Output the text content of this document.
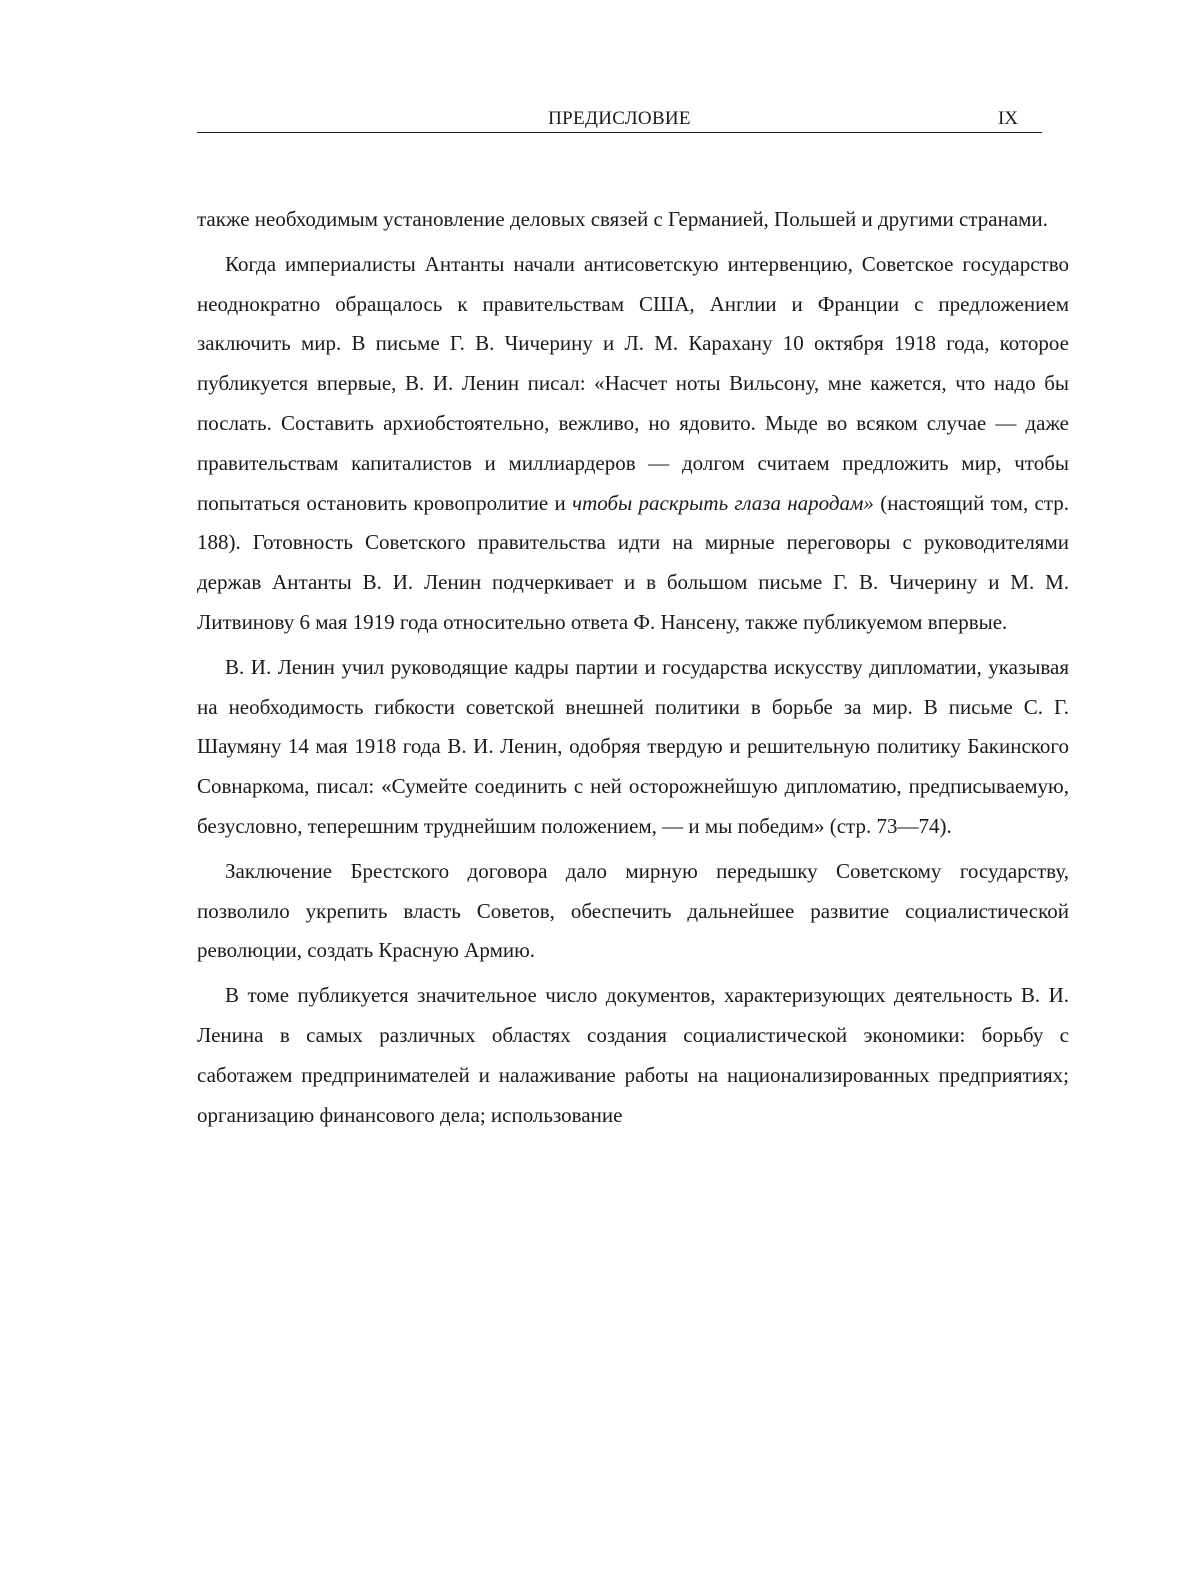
ПРЕДИСЛОВИЕ	IX

также необходимым установление деловых связей с Германией, Польшей и другими странами.

Когда империалисты Антанты начали антисоветскую интервенцию, Советское государство неоднократно обращалось к правительствам США, Англии и Франции с предложением заключить мир. В письме Г. В. Чичерину и Л. М. Карахану 10 октября 1918 года, которое публикуется впервые, В. И. Ленин писал: «Насчет ноты Вильсону, мне кажется, что надо бы послать. Составить архиобстоятельно, вежливо, но ядовито. Мыде во всяком случае — даже правительствам капиталистов и миллиардеров — долгом считаем предложить мир, чтобы попытаться остановить кровопролитие и чтобы раскрыть глаза народам» (настоящий том, стр. 188). Готовность Советского правительства идти на мирные переговоры с руководителями держав Антанты В. И. Ленин подчеркивает и в большом письме Г. В. Чичерину и М. М. Литвинову 6 мая 1919 года относительно ответа Ф. Нансену, также публикуемом впервые.

В. И. Ленин учил руководящие кадры партии и государства искусству дипломатии, указывая на необходимость гибкости советской внешней политики в борьбе за мир. В письме С. Г. Шаумяну 14 мая 1918 года В. И. Ленин, одобряя твердую и решительную политику Бакинского Совнаркома, писал: «Сумейте соединить с ней осторожнейшую дипломатию, предписываемую, безусловно, теперешним труднейшим положением, — и мы победим» (стр. 73—74).

Заключение Брестского договора дало мирную передышку Советскому государству, позволило укрепить власть Советов, обеспечить дальнейшее развитие социалистической революции, создать Красную Армию.

В томе публикуется значительное число документов, характеризующих деятельность В. И. Ленина в самых различных областях создания социалистической экономики: борьбу с саботажем предпринимателей и налаживание работы на национализированных предприятиях; организацию финансового дела; использование
